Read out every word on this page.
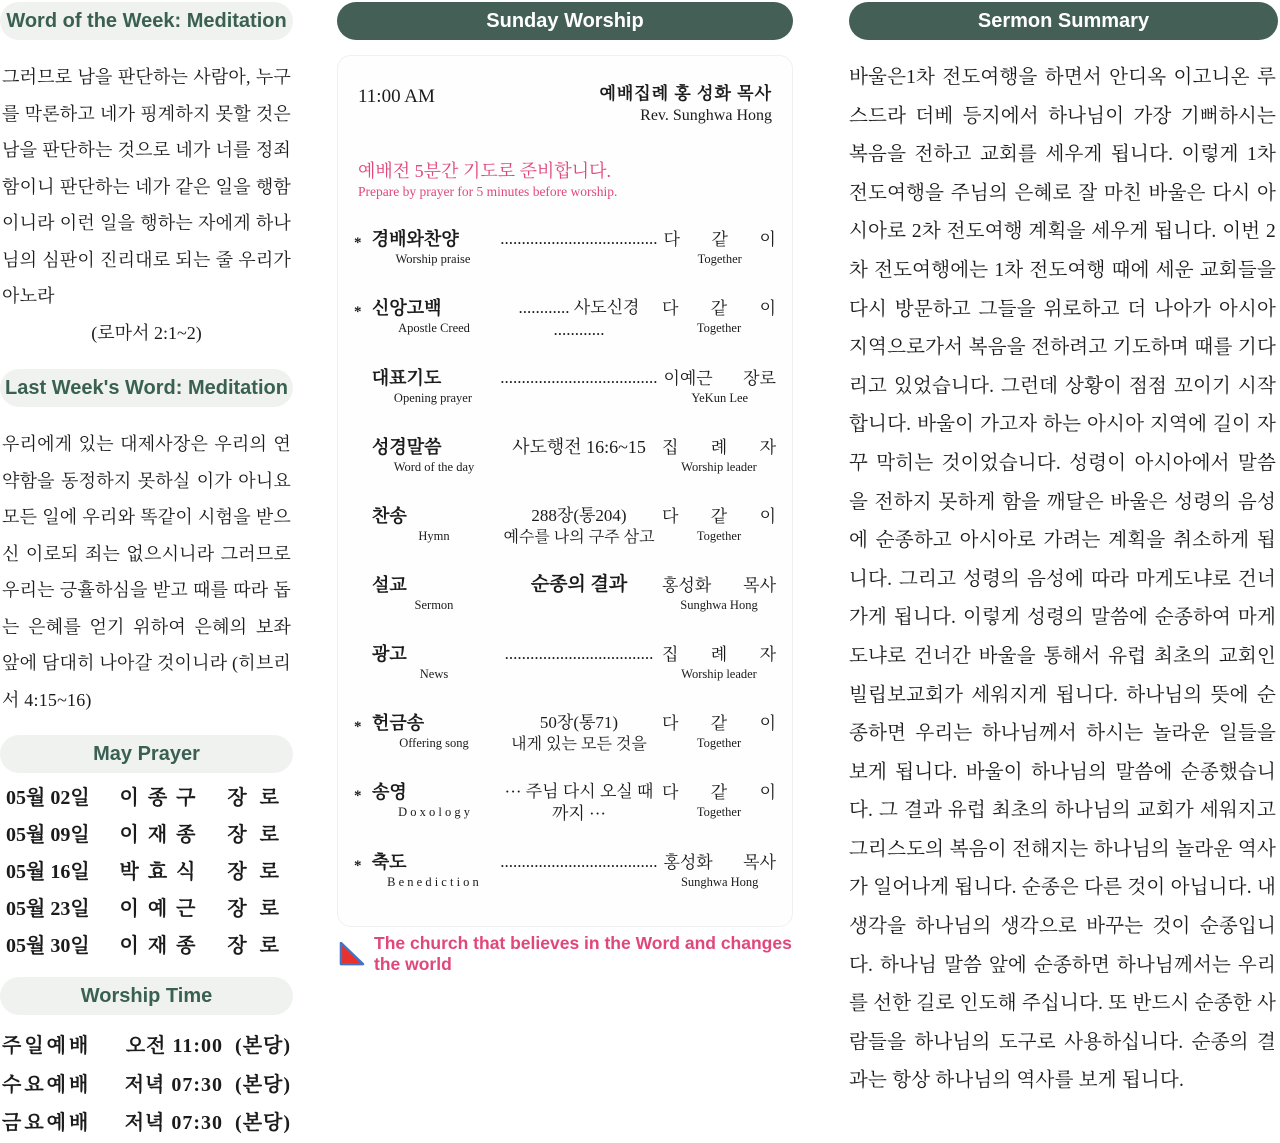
Word of the Week: Meditation
그러므로 남을 판단하는 사람아, 누구를 막론하고 네가 핑계하지 못할 것은 남을 판단하는 것으로 네가 너를 정죄함이니 판단하는 네가 같은 일을 행함이니라 이런 일을 행하는 자에게 하나님의 심판이 진리대로 되는 줄 우리가 아노라
(로마서 2:1~2)
Last Week's Word: Meditation
우리에게 있는 대제사장은 우리의 연약함을 동정하지 못하실 이가 아니요 모든 일에 우리와 똑같이 시험을 받으신 이로되 죄는 없으시니라 그러므로 우리는 긍휼하심을 받고 때를 따라 돕는 은혜를 얻기 위하여 은혜의 보좌 앞에 담대히 나아갈 것이니라 (히브리서 4:15~16)
May Prayer
05월 02일 이 종 구 장 로
05월 09일 이 재 종 장 로
05월 16일 박 효 식 장 로
05월 23일 이 예 근 장 로
05월 30일 이 재 종 장 로
Worship Time
주일예배 오전 11:00 (본당)
수요예배 저녁 07:30 (본당)
금요예배 저녁 07:30 (본당)
Sunday Worship
11:00 AM	예배집례 홍 성화 목사
Rev. Sunghwa Hong
예배전 5분간 기도로 준비합니다.
Prepare by prayer for 5 minutes before worship.
* 경배와찬양
Worship praise
..................................... 다 같 이
Together
* 신앙고백
Apostle Creed
............ 사도신경 ............
다 같 이
Together
대표기도
Opening prayer
..................................... 이예근 장로
YeKun Lee
성경말씀
Word of the day
사도행전 16:6~15 집 례 자
Worship leader
찬송
Hymn
288장(통204)
예수를 나의 구주 삼고
다 같 이
Together
설교
Sermon
순종의 결과	홍성화 목사
Sunghwa Hong
광고
News
................................... 집 례 자
Worship leader
* 헌금송
Offering song
50장(통71)
내게 있는 모든 것을
다 같 이
Together
* 송영
D o x o l o g y
··· 주님 다시 오실 때까지 ···
다 같 이
Together
* 축도
B e n e d i c t i o n
..................................... 홍성화 목사
Sunghwa Hong
The church that believes in the Word and changes the world
Sermon Summary
바울은1차 전도여행을 하면서 안디옥 이고니온 루스드라 더베 등지에서 하나님이 가장 기뻐하시는 복음을 전하고 교회를 세우게 됩니다. 이렇게 1차 전도여행을 주님의 은혜로 잘 마친 바울은 다시 아시아로 2차 전도여행 계획을 세우게 됩니다. 이번 2차 전도여행에는 1차 전도여행 때에 세운 교회들을 다시 방문하고 그들을 위로하고 더 나아가 아시아 지역으로가서 복음을 전하려고 기도하며 때를 기다리고 있었습니다. 그런데 상황이 점점 꼬이기 시작합니다. 바울이 가고자 하는 아시아 지역에 길이 자꾸 막히는 것이었습니다. 성령이 아시아에서 말씀을 전하지 못하게 함을 깨달은 바울은 성령의 음성에 순종하고 아시아로 가려는 계획을 취소하게 됩니다. 그리고 성령의 음성에 따라 마게도냐로 건너가게 됩니다. 이렇게 성령의 말씀에 순종하여 마게도냐로 건너간 바울을 통해서 유럽 최초의 교회인 빌립보교회가 세워지게 됩니다. 하나님의 뜻에 순종하면 우리는 하나님께서 하시는 놀라운 일들을 보게 됩니다. 바울이 하나님의 말씀에 순종했습니다. 그 결과 유럽 최초의 하나님의 교회가 세워지고 그리스도의 복음이 전해지는 하나님의 놀라운 역사가 일어나게 됩니다. 순종은 다른 것이 아닙니다. 내 생각을 하나님의 생각으로 바꾸는 것이 순종입니다. 하나님 말씀 앞에 순종하면 하나님께서는 우리를 선한 길로 인도해 주십니다. 또 반드시 순종한 사람들을 하나님의 도구로 사용하십니다. 순종의 결과는 항상 하나님의 역사를 보게 됩니다.
